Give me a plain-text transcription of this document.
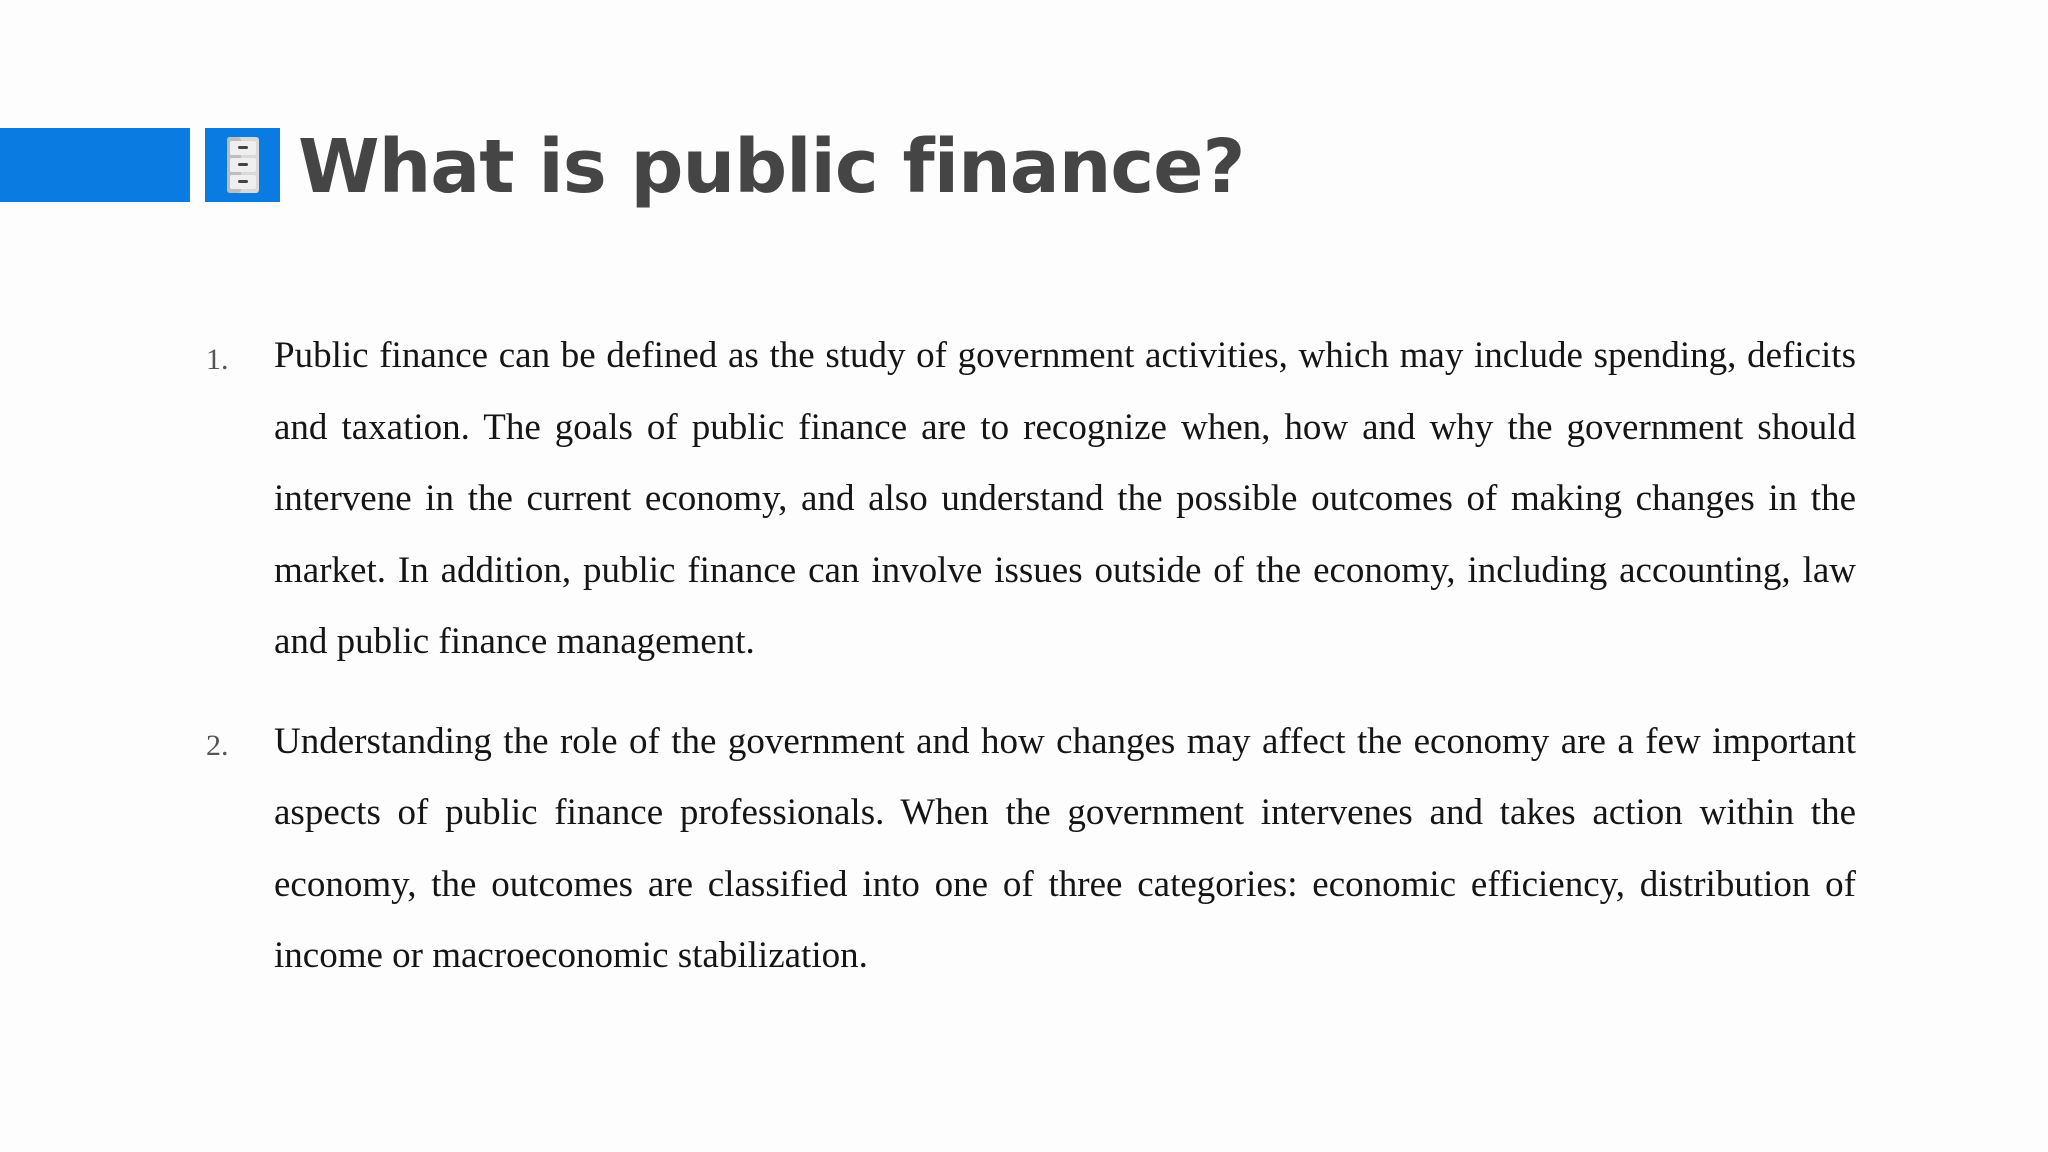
What is public finance?
1. Public finance can be defined as the study of government activities, which may include spending, deficits and taxation. The goals of public finance are to recognize when, how and why the government should intervene in the current economy, and also understand the possible outcomes of making changes in the market. In addition, public finance can involve issues outside of the economy, including accounting, law and public finance management.
2. Understanding the role of the government and how changes may affect the economy are a few important aspects of public finance professionals. When the government intervenes and takes action within the economy, the outcomes are classified into one of three categories: economic efficiency, distribution of income or macroeconomic stabilization.
